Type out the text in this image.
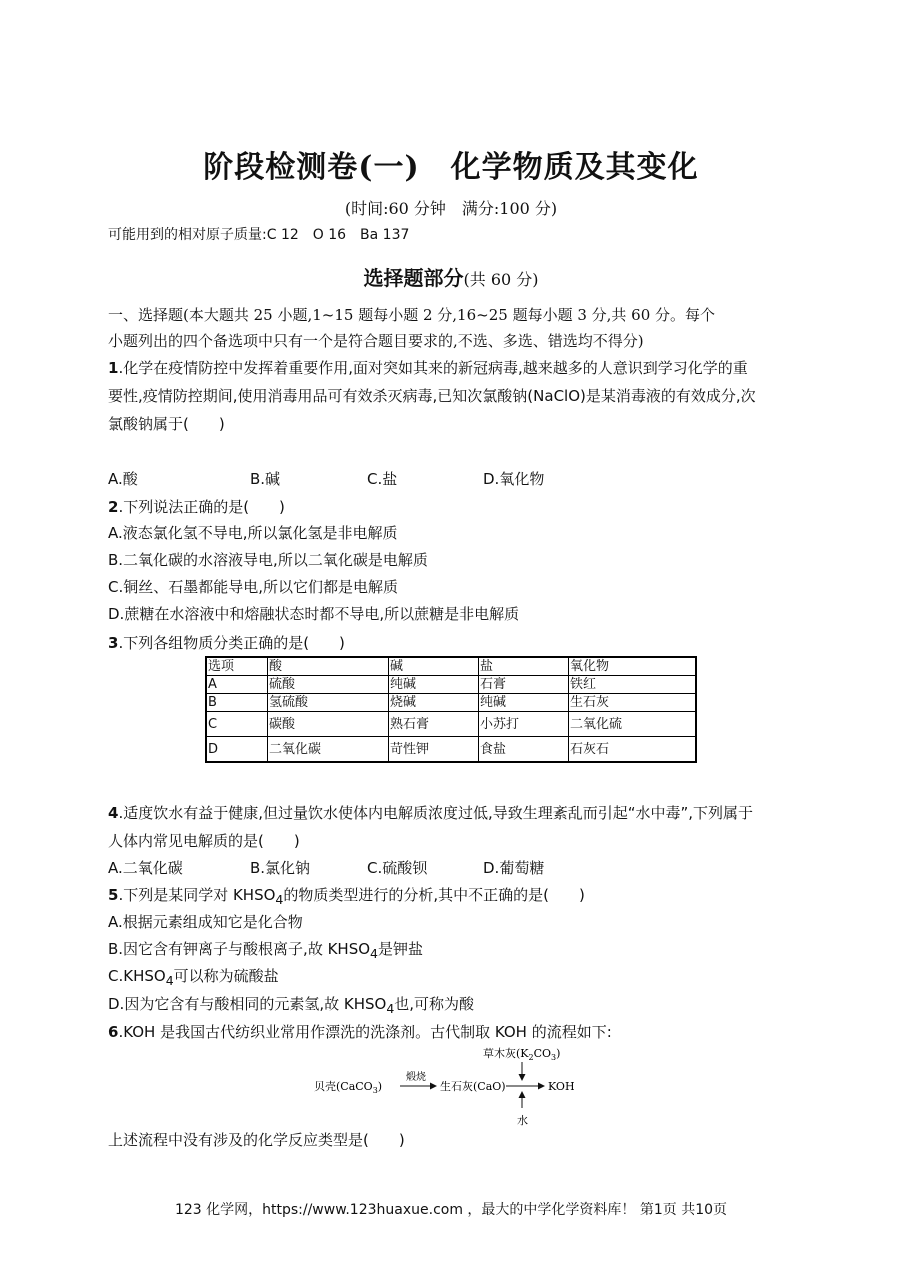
阶段检测卷(一)　化学物质及其变化
(时间:60 分钟　满分:100 分)
可能用到的相对原子质量:C 12　O 16　Ba 137
选择题部分(共 60 分)
一、选择题(本大题共 25 小题,1~15 题每小题 2 分,16~25 题每小题 3 分,共 60 分。每个
小题列出的四个备选项中只有一个是符合题目要求的,不选、多选、错选均不得分)
1.化学在疫情防控中发挥着重要作用,面对突如其来的新冠病毒,越来越多的人意识到学习化学的重
要性,疫情防控期间,使用消毒用品可有效杀灭病毒,已知次氯酸钠(NaClO)是某消毒液的有效成分,次
氯酸钠属于(　　)
A.酸	B.碱	C.盐	D.氧化物
2.下列说法正确的是(　　)
A.液态氯化氢不导电,所以氯化氢是非电解质
B.二氧化碳的水溶液导电,所以二氧化碳是电解质
C.铜丝、石墨都能导电,所以它们都是电解质
D.蔗糖在水溶液中和熔融状态时都不导电,所以蔗糖是非电解质
3.下列各组物质分类正确的是(　　)
选项	酸	碱	盐	氧化物
A	硫酸	纯碱	石膏	铁红
B	氢硫酸	烧碱	纯碱	生石灰
C	碳酸	熟石膏	小苏打	二氧化硫
D	二氧化碳	苛性钾	食盐	石灰石
4.适度饮水有益于健康,但过量饮水使体内电解质浓度过低,导致生理紊乱而引起“水中毒”,下列属于
人体内常见电解质的是(　　)
A.二氧化碳	B.氯化钠	C.硫酸钡	D.葡萄糖
5.下列是某同学对 $KHSO_4$的物质类型进行的分析,其中不正确的是(　　)
A.根据元素组成知它是化合物
B.因它含有钾离子与酸根离子,故 $KHSO_4$是钾盐
$C.KHSO_4$可以称为硫酸盐
D.因为它含有与酸相同的元素氢,故 $KHSO_4$也,可称为酸
6.KOH 是我国古代纺织业常用作漂洗的洗涤剂。古代制取 KOH 的流程如下:
草木灰$(K_2CO_3)$
贝壳(CaCO$_3$)
煅烧
生石灰(CaO)	KOH
水
上述流程中没有涉及的化学反应类型是(　　)
123 化学网，https://www.123huaxue.com ，最大的中学化学资料库！ 第1页 共10页
